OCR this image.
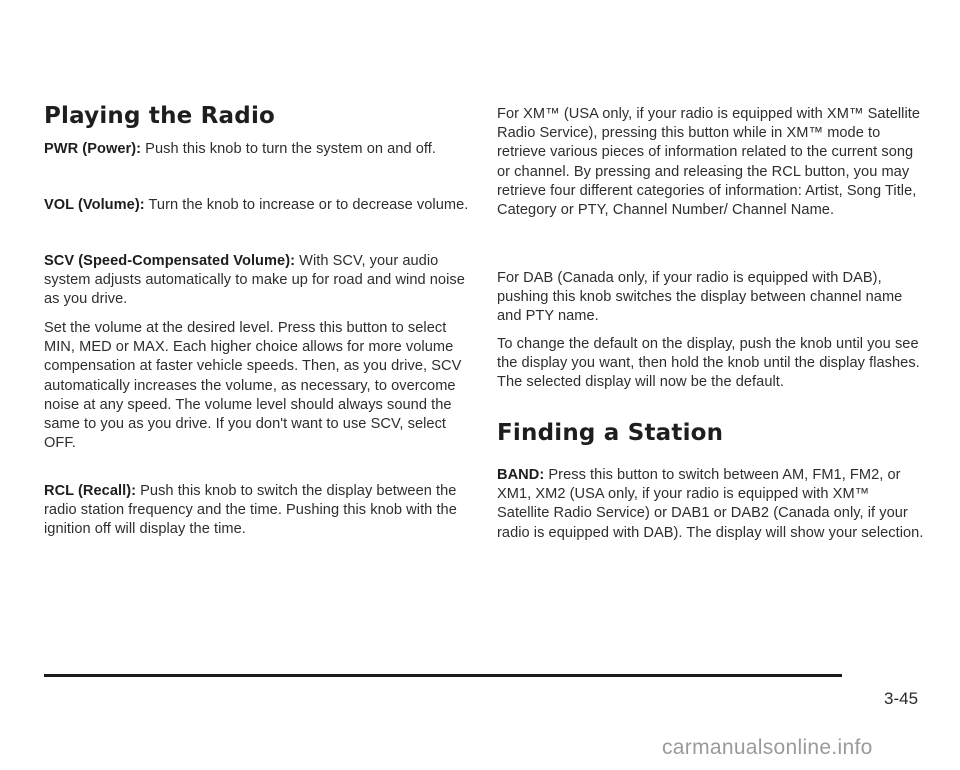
Playing the Radio

PWR (Power): Push this knob to turn the system on and off.

VOL (Volume): Turn the knob to increase or to decrease volume.

SCV (Speed-Compensated Volume): With SCV, your audio system adjusts automatically to make up for road and wind noise as you drive.

Set the volume at the desired level. Press this button to select MIN, MED or MAX. Each higher choice allows for more volume compensation at faster vehicle speeds. Then, as you drive, SCV automatically increases the volume, as necessary, to overcome noise at any speed. The volume level should always sound the same to you as you drive. If you don't want to use SCV, select OFF.

RCL (Recall): Push this knob to switch the display between the radio station frequency and the time. Pushing this knob with the ignition off will display the time.

For XM™ (USA only, if your radio is equipped with XM™ Satellite Radio Service), pressing this button while in XM™ mode to retrieve various pieces of information related to the current song or channel. By pressing and releasing the RCL button, you may retrieve four different categories of information: Artist, Song Title, Category or PTY, Channel Number/ Channel Name.

For DAB (Canada only, if your radio is equipped with DAB), pushing this knob switches the display between channel name and PTY name.

To change the default on the display, push the knob until you see the display you want, then hold the knob until the display flashes. The selected display will now be the default.

Finding a Station

BAND: Press this button to switch between AM, FM1, FM2, or XM1, XM2 (USA only, if your radio is equipped with XM™ Satellite Radio Service) or DAB1 or DAB2 (Canada only, if your radio is equipped with DAB). The display will show your selection.

3-45
carmanualsonline.info
